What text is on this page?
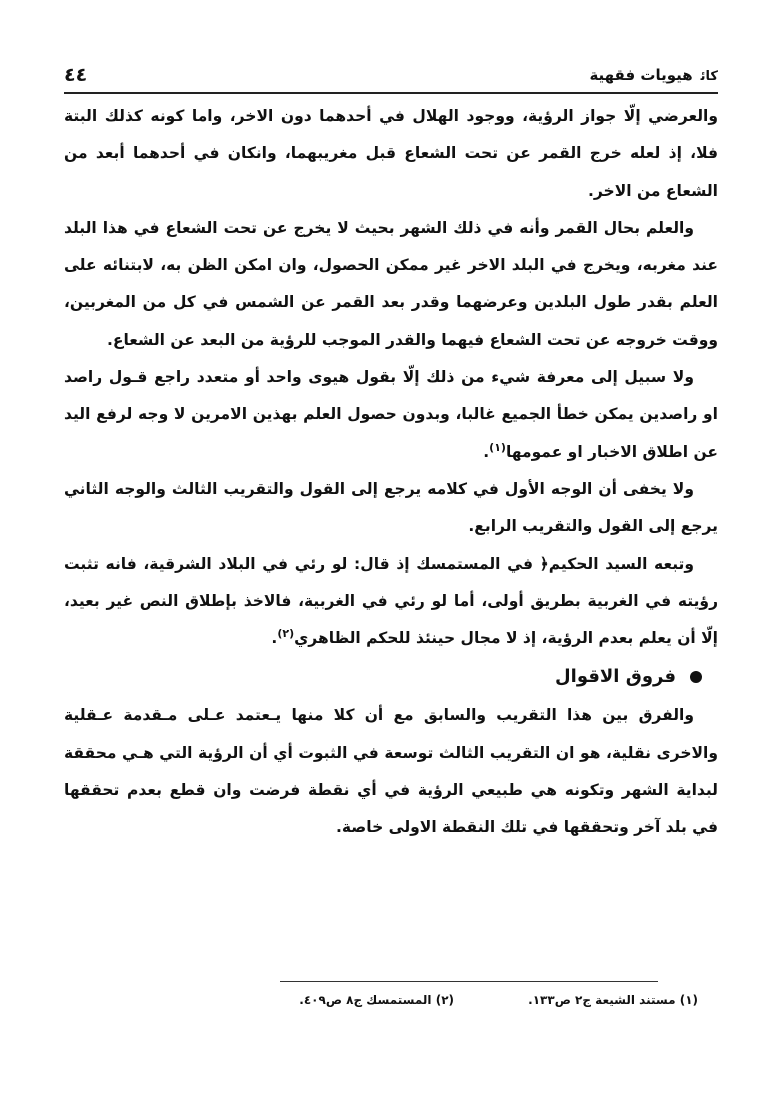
٤٤	ﻛﺎﺋهيويات فقهية

والعرضي إلّا جواز الرؤية، ووجود الهلال في أحدهما دون الاخر، واما كونه كذلك البتة فلا، إذ لعله خرج القمر عن تحت الشعاع قبل مغريبهما، وانكان في أحدهما أبعد من الشعاع من الاخر.

والعلم بحال القمر وأنه في ذلك الشهر بحيث لا يخرج عن تحت الشعاع في هذا البلد عند مغربه، ويخرج في البلد الاخر غير ممكن الحصول، وان امكن الظن به، لابتنائه على العلم بقدر طول البلدين وعرضهما وقدر بعد القمر عن الشمس في كل من المغربين، ووقت خروجه عن تحت الشعاع فيهما والقدر الموجب للرؤية من البعد عن الشعاع.

ولا سبيل إلى معرفة شيء من ذلك إلّا بقول هيوى واحد أو متعدد راجع قـول راصد او راصدين يمكن خطأ الجميع غالبا، وبدون حصول العلم بهذين الامرين لا وجه لرفع اليد عن اطلاق الاخبار او عمومها$^{(١)}$.

ولا يخفى أن الوجه الأول في كلامه يرجع إلى القول والتقريب الثالث والوجه الثاني يرجع إلى القول والتقريب الرابع.

وتبعه السيد الحكيم﴿ في المستمسك إذ قال: لو رئي في البلاد الشرقية، فانه تثبت رؤيته في الغربية بطريق أولى، أما لو رئي في الغربية، فالاخذ بإطلاق النص غير بعيد، إلّا أن يعلم بعدم الرؤية، إذ لا مجال حينئذ للحكم الظاهري$^{(٢)}$.

فروق الاقوال

والفرق بين هذا التقريب والسابق مع أن كلا منها يـعتمد عـلى مـقدمة عـقلية والاخرى نقلية، هو ان التقريب الثالث توسعة في الثبوت أي أن الرؤية التي هـي محققة لبداية الشهر وتكونه هي طبيعي الرؤية في أي نقطة فرضت وان قطع بعدم تحققها في بلد آخر وتحققها في تلك النقطة الاولى خاصة.

(١) مستند الشيعة ج٢ ص١٣٣.
(٢) المستمسك ج٨ ص٤٠٩.
